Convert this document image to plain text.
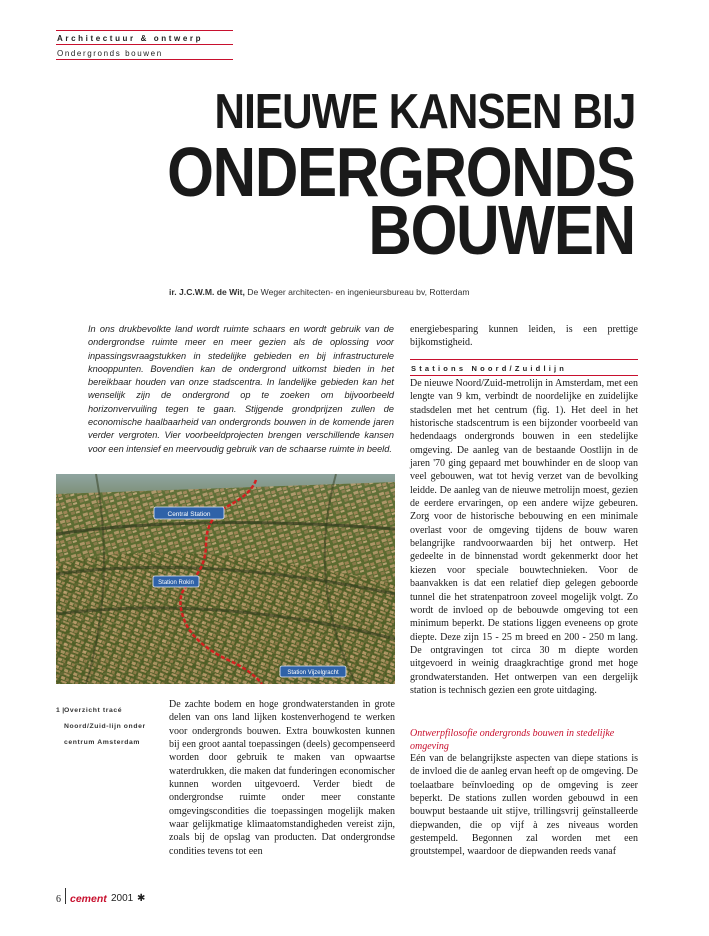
Architectuur & ontwerp
Ondergronds bouwen
NIEUWE KANSEN BIJ
ONDERGRONDS
BOUWEN
ir. J.C.W.M. de Wit, De Weger architecten- en ingenieursbureau bv, Rotterdam
In ons drukbevolkte land wordt ruimte schaars en wordt gebruik van de ondergrondse ruimte meer en meer gezien als de oplossing voor inpassingsvraagstukken in stedelijke gebieden en bij infrastructurele knooppunten. Bovendien kan de ondergrond uitkomst bieden in het bereikbaar houden van onze stadscentra. In landelijke gebieden kan het wenselijk zijn de ondergrond op te zoeken om bijvoorbeeld horizonvervuiling tegen te gaan. Stijgende grondprijzen zullen de economische haalbaarheid van ondergronds bouwen in de komende jaren verder vergroten. Vier voorbeeldprojecten brengen verschillende kansen voor een intensief en meervoudig gebruik van de schaarse ruimte in beeld.
Central Station
Station Rokin
Station Vijzelgracht
1 | Overzicht tracé Noord/Zuid-lijn onder centrum Amsterdam
De zachte bodem en hoge grondwaterstanden in grote delen van ons land lijken kostenverhogend te werken voor ondergronds bouwen. Extra bouwkosten kunnen bij een groot aantal toepassingen (deels) gecompenseerd worden door gebruik te maken van opwaartse waterdrukken, die maken dat funderingen economischer kunnen worden uitgevoerd. Verder biedt de ondergrondse ruimte onder meer constante omgevingscondities die toepassingen mogelijk maken waar gelijkmatige klimaatomstandigheden vereist zijn, zoals bij de opslag van producten. Dat ondergrondse condities tevens tot een
energiebesparing kunnen leiden, is een prettige bijkomstigheid.
Stations Noord/Zuidlijn
De nieuwe Noord/Zuid-metrolijn in Amsterdam, met een lengte van 9 km, verbindt de noordelijke en zuidelijke stadsdelen met het centrum (fig. 1). Het deel in het historische stadscentrum is een bijzonder voorbeeld van hedendaags ondergronds bouwen in een stedelijke omgeving. De aanleg van de bestaande Oostlijn in de jaren '70 ging gepaard met bouwhinder en de sloop van veel gebouwen, wat tot hevig verzet van de bevolking leidde. De aanleg van de nieuwe metrolijn moest, gezien de eerdere ervaringen, op een andere wijze gebeuren. Zorg voor de historische bebouwing en een minimale overlast voor de omgeving tijdens de bouw waren belangrijke randvoorwaarden bij het ontwerp. Het gedeelte in de binnenstad wordt gekenmerkt door het kiezen voor speciale bouwtechnieken. Voor de baanvakken is dat een relatief diep gelegen geboorde tunnel die het stratenpatroon zoveel mogelijk volgt. Zo wordt de invloed op de bebouwde omgeving tot een minimum beperkt. De stations liggen eveneens op grote diepte. Deze zijn 15 - 25 m breed en 200 - 250 m lang. De ontgravingen tot circa 30 m diepte worden uitgevoerd in weinig draagkrachtige grond met hoge grondwaterstanden. Het ontwerpen van een dergelijk station is technisch gezien een grote uitdaging.
Ontwerpfilosofie ondergronds bouwen in stedelijke omgeving
Eén van de belangrijkste aspecten van diepe stations is de invloed die de aanleg ervan heeft op de omgeving. De toelaatbare beïnvloeding op de omgeving is zeer beperkt. De stations zullen worden gebouwd in een bouwput bestaande uit stijve, trillingsvrij geïnstalleerde diepwanden, die op vijf à zes niveaus worden gestempeld. Begonnen zal worden met een groutstempel, waardoor de diepwanden reeds vanaf
6 cement 2001 ✱
